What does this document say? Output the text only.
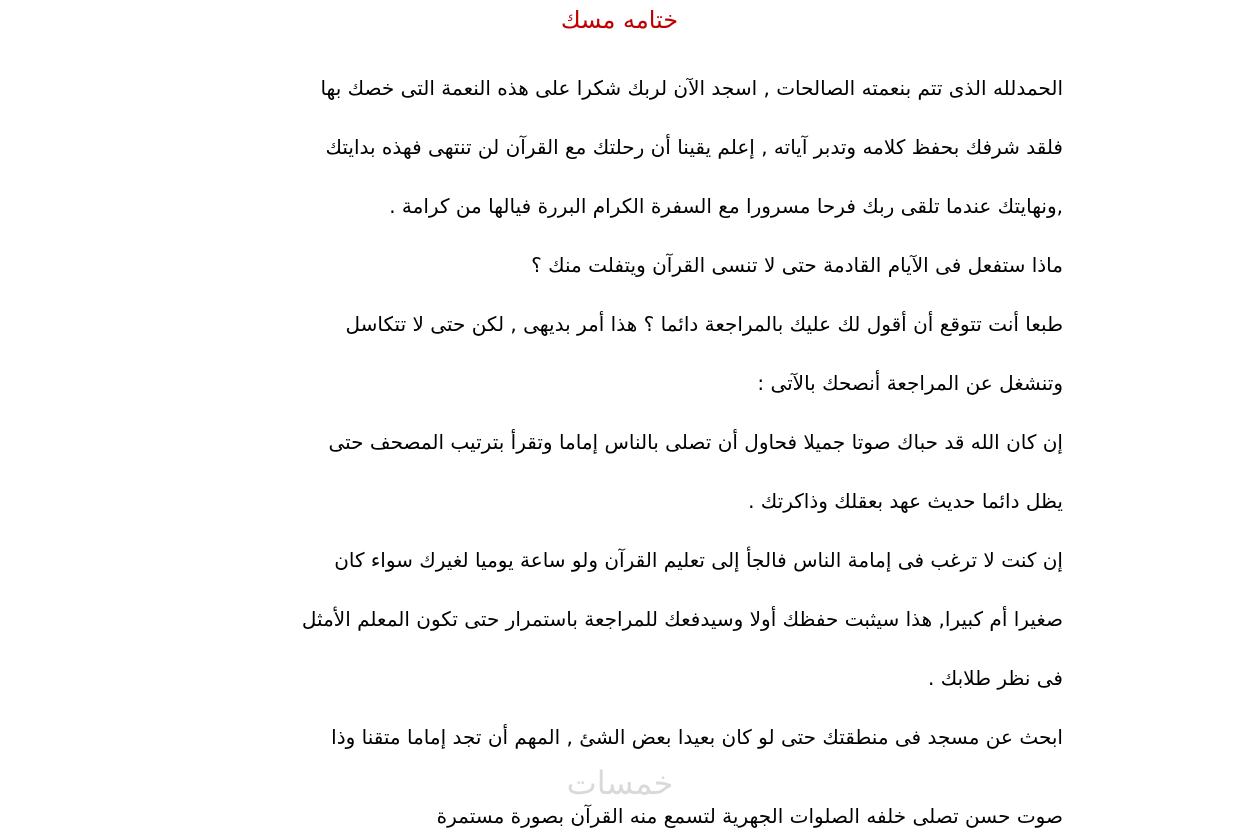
ختامه مسك
الحمدلله الذى تتم بنعمته الصالحات , اسجد الآن لربك شكرا على هذه النعمة التى خصك بها
فلقد شرفك بحفظ كلامه وتدبر آياته , إعلم يقينا أن رحلتك مع القرآن لن تنتهى فهذه بدايتك
,ونهايتك عندما تلقى ربك فرحا مسرورا مع السفرة الكرام البررة فيالها من كرامة .
ماذا ستفعل فى الآيام القادمة حتى لا تنسى القرآن ويتفلت منك ؟
طبعا أنت تتوقع أن أقول لك عليك بالمراجعة دائما ؟ هذا أمر بديهى , لكن حتى لا تتكاسل
وتنشغل عن المراجعة أنصحك بالآتى :
إن كان الله قد حباك صوتا جميلا فحاول أن تصلى بالناس إماما وتقرأ بترتيب المصحف حتى
يظل دائما حديث عهد بعقلك وذاكرتك .
إن كنت لا ترغب فى إمامة الناس فالجأ إلى تعليم القرآن ولو ساعة يوميا لغيرك سواء كان
صغيرا أم كبيرا, هذا سيثبت حفظك أولا وسيدفعك للمراجعة باستمرار حتى تكون المعلم الأمثل
فى نظر طلابك .
ابحث عن مسجد فى منطقتك حتى لو كان بعيدا بعض الشئ , المهم أن تجد إماما متقنا وذا
صوت حسن تصلى خلفه الصلوات الجهرية لتسمع منه القرآن بصورة مستمرة
خمسات
